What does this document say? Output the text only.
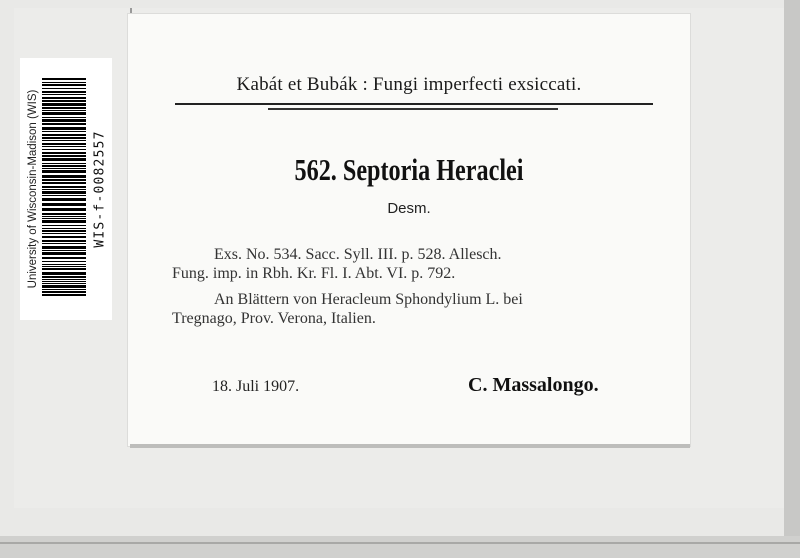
University of Wisconsin-Madison (WIS)	WIS-f-0082557
Kabát et Bubák : Fungi imperfecti exsiccati.
562. Septoria Heraclei
Desm.
Exs. No. 534. Sacc. Syll. III. p. 528. Allesch.
Fung. imp. in Rbh. Kr. Fl. I. Abt. VI. p. 792.
An Blättern von Heracleum Sphondylium L. bei
Tregnago, Prov. Verona, Italien.
18. Juli 1907.	C. Massalongo.
